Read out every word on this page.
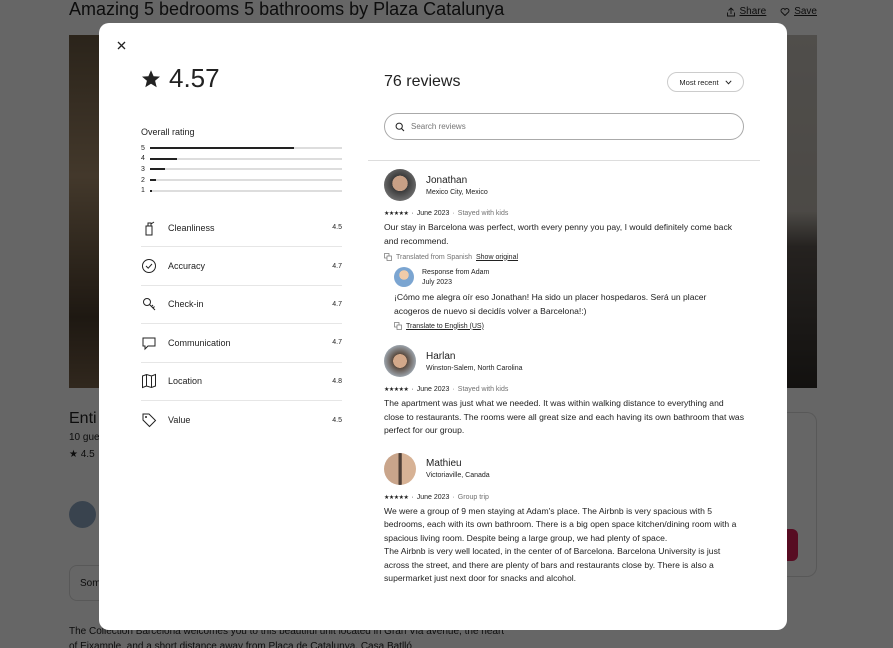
4.57
Overall rating
5
4
3
2
1
Cleanliness	4.5
Accuracy	4.7
Check-in	4.7
Communication	4.7
Location	4.8
Value	4.5
76 reviews	Most recent
Search reviews
Jonathan
Mexico City, Mexico
★★★★★ · June 2023 · Stayed with kids
Our stay in Barcelona was perfect, worth every penny you pay, I would definitely come back and recommend.
Translated from Spanish Show original
Response from Adam
July 2023
¡Cómo me alegra oír eso Jonathan! Ha sido un placer hospedaros. Será un placer acogeros de nuevo si decidís volver a Barcelona!:)
Translate to English (US)
Harlan
Winston-Salem, North Carolina
★★★★★ · June 2023 · Stayed with kids
The apartment was just what we needed. It was within walking distance to everything and close to restaurants. The rooms were all great size and each having its own bathroom that was perfect for our group.
Mathieu
Victoriaville, Canada
★★★★★ · June 2023 · Group trip
We were a group of 9 men staying at Adam's place. The Airbnb is very spacious with 5 bedrooms, each with its own bathroom. There is a big open space kitchen/dining room with a spacious living room. Despite being a large group, we had plenty of space.
The Airbnb is very well located, in the center of of Barcelona. Barcelona University is just across the street, and there are plenty of bars and restaurants close by. There is also a supermarket just next door for snacks and alcohol.
